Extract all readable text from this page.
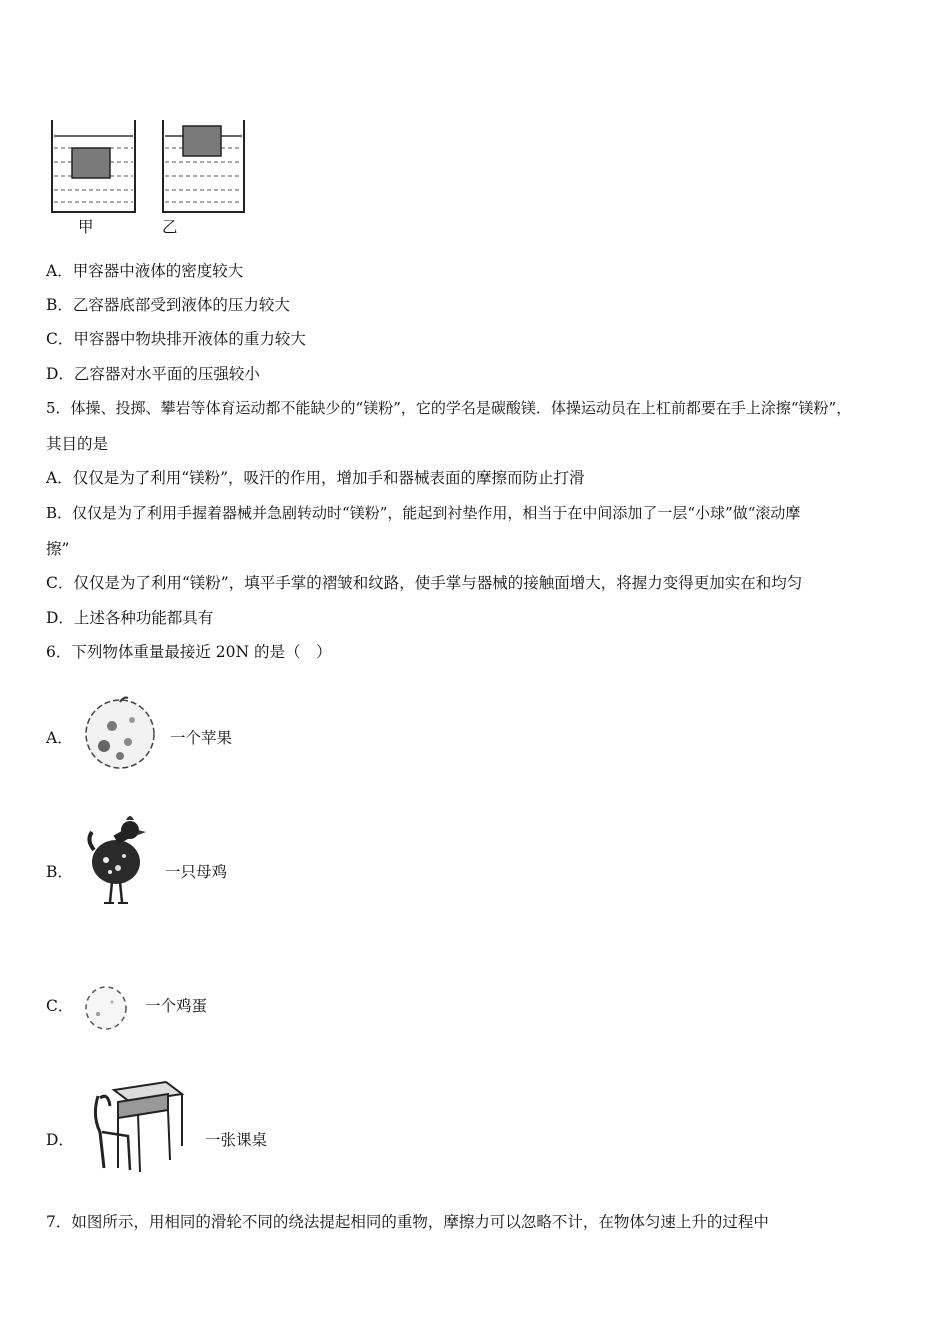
甲	乙
A．甲容器中液体的密度较大
B．乙容器底部受到液体的压力较大
C．甲容器中物块排开液体的重力较大
D．乙容器对水平面的压强较小
5．体操、投掷、攀岩等体育运动都不能缺少的“镁粉”，它的学名是碳酸镁．体操运动员在上杠前都要在手上涂擦“镁粉”，
其目的是
A．仅仅是为了利用“镁粉”，吸汗的作用，增加手和器械表面的摩擦而防止打滑
B．仅仅是为了利用手握着器械并急剧转动时“镁粉”，能起到衬垫作用，相当于在中间添加了一层“小球”做“滚动摩
擦”
C．仅仅是为了利用“镁粉”，填平手掌的褶皱和纹路，使手掌与器械的接触面增大，将握力变得更加实在和均匀
D．上述各种功能都具有
6．下列物体重量最接近 20N 的是（　）
A．	一个苹果
B．	一只母鸡
C．	一个鸡蛋
D．	一张课桌
7．如图所示，用相同的滑轮不同的绕法提起相同的重物，摩擦力可以忽略不计，在物体匀速上升的过程中
